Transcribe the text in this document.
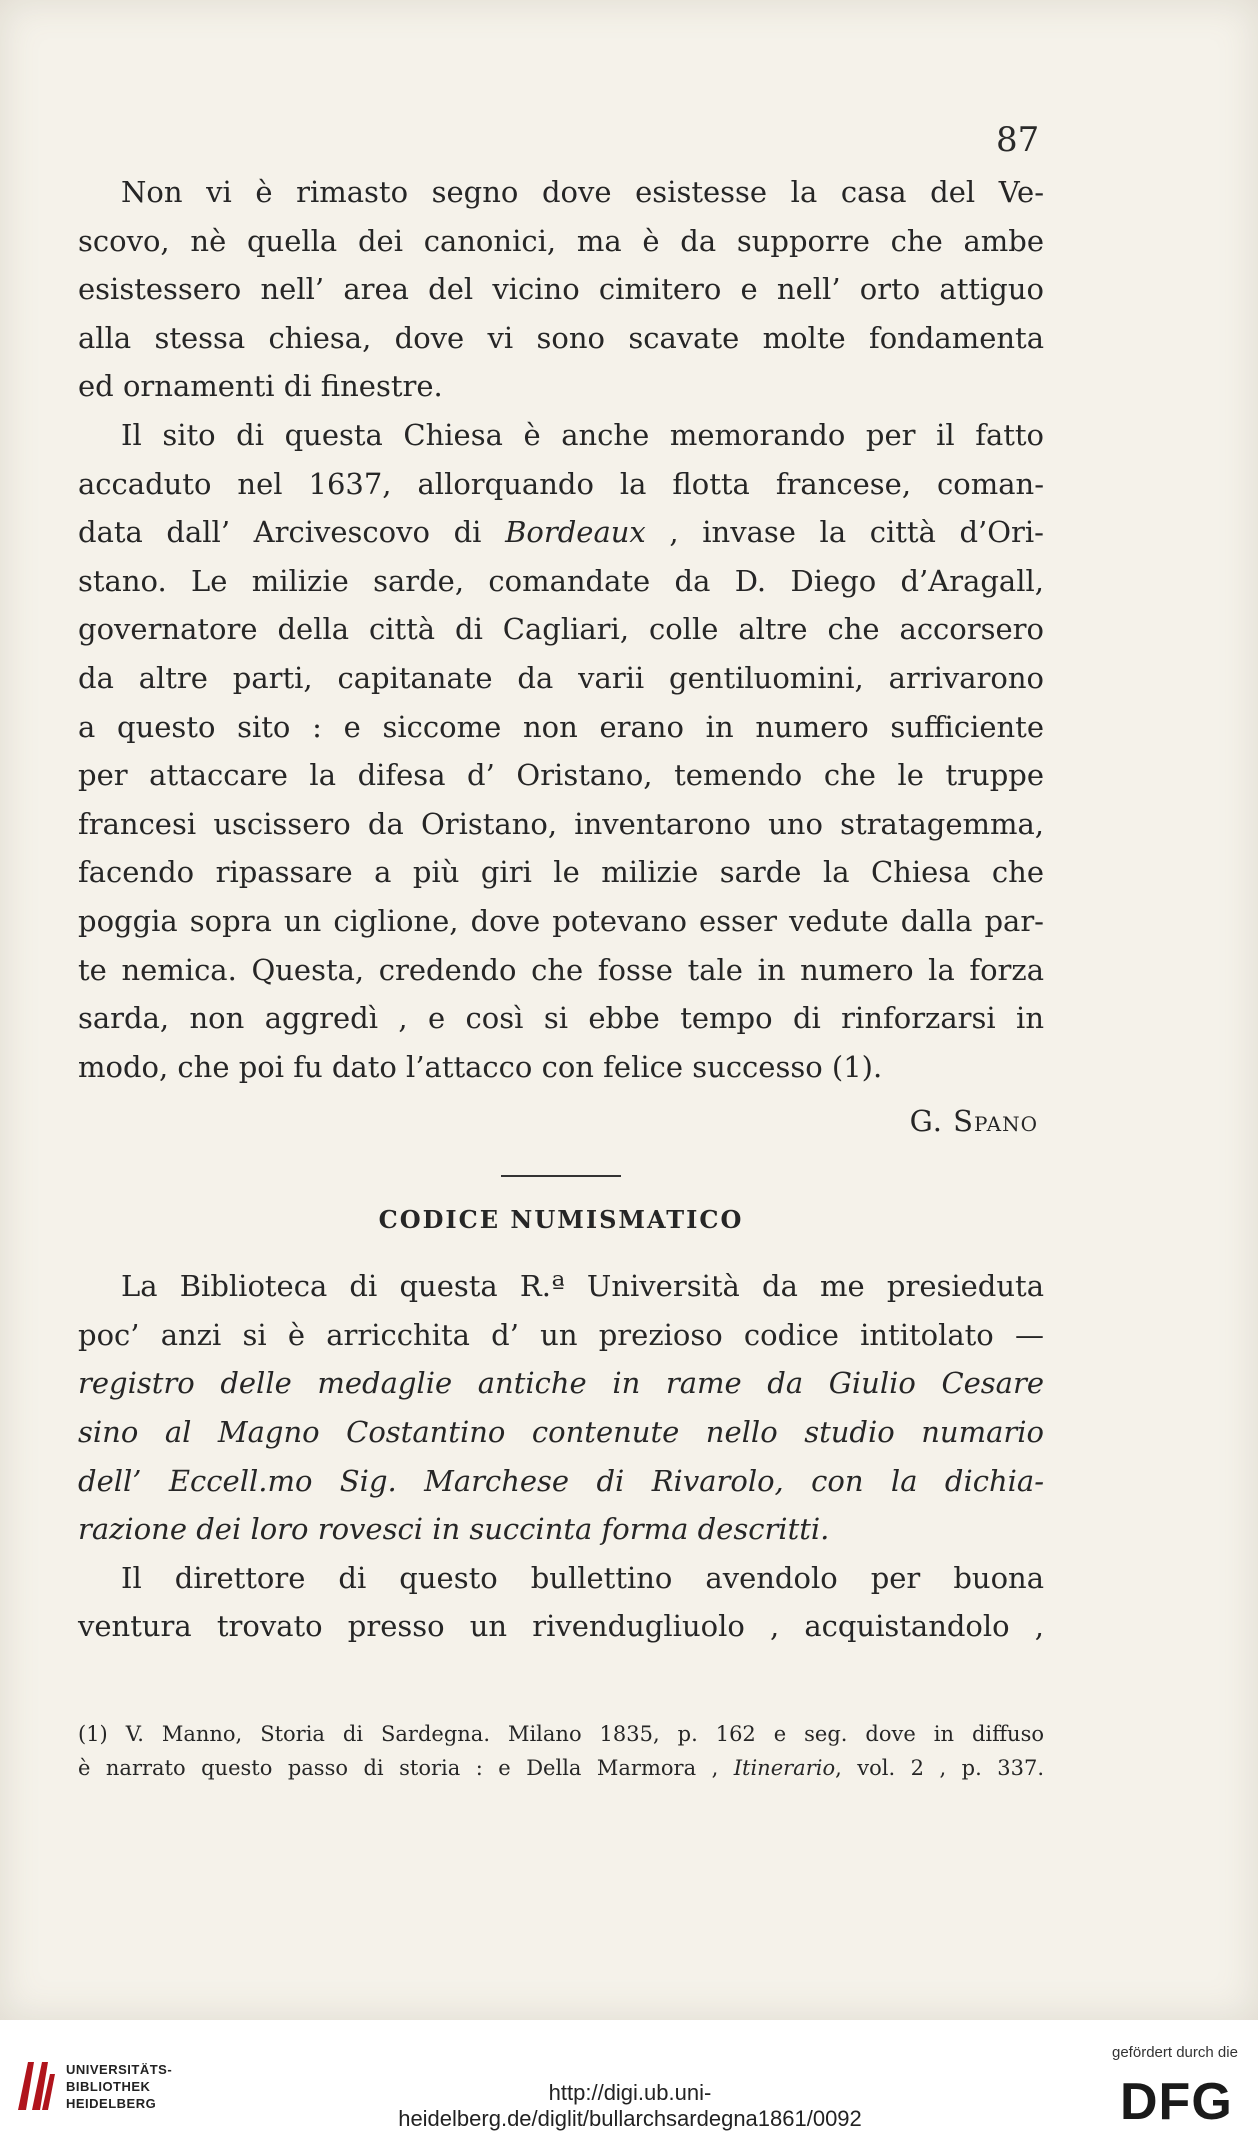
87

Non vi è rimasto segno dove esistesse la casa del Ve-
scovo, nè quella dei canonici, ma è da supporre che ambe
esistessero nell’ area del vicino cimitero e nell’ orto attiguo
alla stessa chiesa, dove vi sono scavate molte fondamenta
ed ornamenti di finestre.

Il sito di questa Chiesa è anche memorando per il fatto
accaduto nel 1637, allorquando la flotta francese, coman-
data dall’ Arcivescovo di Bordeaux , invase la città d’Ori-
stano. Le milizie sarde, comandate da D. Diego d’Aragall,
governatore della città di Cagliari, colle altre che accorsero
da altre parti, capitanate da varii gentiluomini, arrivarono
a questo sito : e siccome non erano in numero sufficiente
per attaccare la difesa d’ Oristano, temendo che le truppe
francesi uscissero da Oristano, inventarono uno stratagemma,
facendo ripassare a più giri le milizie sarde la Chiesa che
poggia sopra un ciglione, dove potevano esser vedute dalla par-
te nemica. Questa, credendo che fosse tale in numero la forza
sarda, non aggredì , e così si ebbe tempo di rinforzarsi in
modo, che poi fu dato l’attacco con felice successo (1).

G. Spano
CODICE NUMISMATICO

La Biblioteca di questa R.ª Università da me presieduta
poc’ anzi si è arricchita d’ un prezioso codice intitolato —
registro delle medaglie antiche in rame da Giulio Cesare
sino al Magno Costantino contenute nello studio numario
dell’ Eccell.mo Sig. Marchese di Rivarolo, con la dichia-
razione dei loro rovesci in succinta forma descritti.

Il direttore di questo bullettino avendolo per buona
ventura trovato presso un rivendugliuolo , acquistandolo ,

(1) V. Manno, Storia di Sardegna. Milano 1835, p. 162 e seg. dove in diffuso
è narrato questo passo di storia : e Della Marmora , Itinerario, vol. 2 , p. 337.
UNIVERSITÄTS-
BIBLIOTHEK
HEIDELBERG	http://digi.ub.uni-heidelberg.de/diglit/bullarchsardegna1861/0092
gefördert durch die
DFG
